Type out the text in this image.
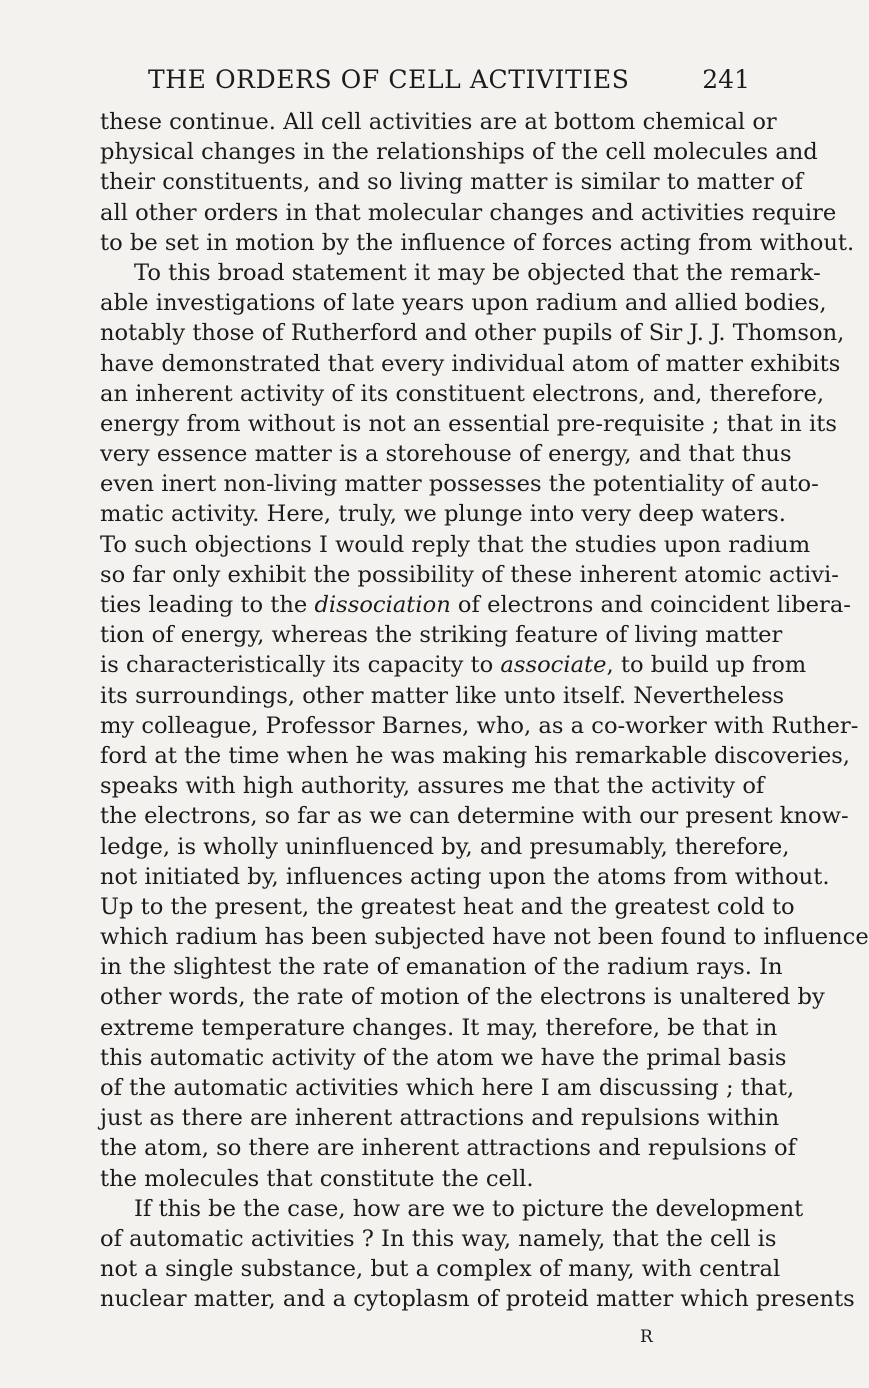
THE ORDERS OF CELL ACTIVITIES	241
these continue. All cell activities are at bottom chemical or
physical changes in the relationships of the cell molecules and
their constituents, and so living matter is similar to matter of
all other orders in that molecular changes and activities require
to be set in motion by the influence of forces acting from without.
To this broad statement it may be objected that the remark-
able investigations of late years upon radium and allied bodies,
notably those of Rutherford and other pupils of Sir J. J. Thomson,
have demonstrated that every individual atom of matter exhibits
an inherent activity of its constituent electrons, and, therefore,
energy from without is not an essential pre-requisite ; that in its
very essence matter is a storehouse of energy, and that thus
even inert non-living matter possesses the potentiality of auto-
matic activity. Here, truly, we plunge into very deep waters.
To such objections I would reply that the studies upon radium
so far only exhibit the possibility of these inherent atomic activi-
ties leading to the dissociation of electrons and coincident libera-
tion of energy, whereas the striking feature of living matter
is characteristically its capacity to associate, to build up from
its surroundings, other matter like unto itself. Nevertheless
my colleague, Professor Barnes, who, as a co-worker with Ruther-
ford at the time when he was making his remarkable discoveries,
speaks with high authority, assures me that the activity of
the electrons, so far as we can determine with our present know-
ledge, is wholly uninfluenced by, and presumably, therefore,
not initiated by, influences acting upon the atoms from without.
Up to the present, the greatest heat and the greatest cold to
which radium has been subjected have not been found to influence
in the slightest the rate of emanation of the radium rays. In
other words, the rate of motion of the electrons is unaltered by
extreme temperature changes. It may, therefore, be that in
this automatic activity of the atom we have the primal basis
of the automatic activities which here I am discussing ; that,
just as there are inherent attractions and repulsions within
the atom, so there are inherent attractions and repulsions of
the molecules that constitute the cell.
If this be the case, how are we to picture the development
of automatic activities ? In this way, namely, that the cell is
not a single substance, but a complex of many, with central
nuclear matter, and a cytoplasm of proteid matter which presents
R
